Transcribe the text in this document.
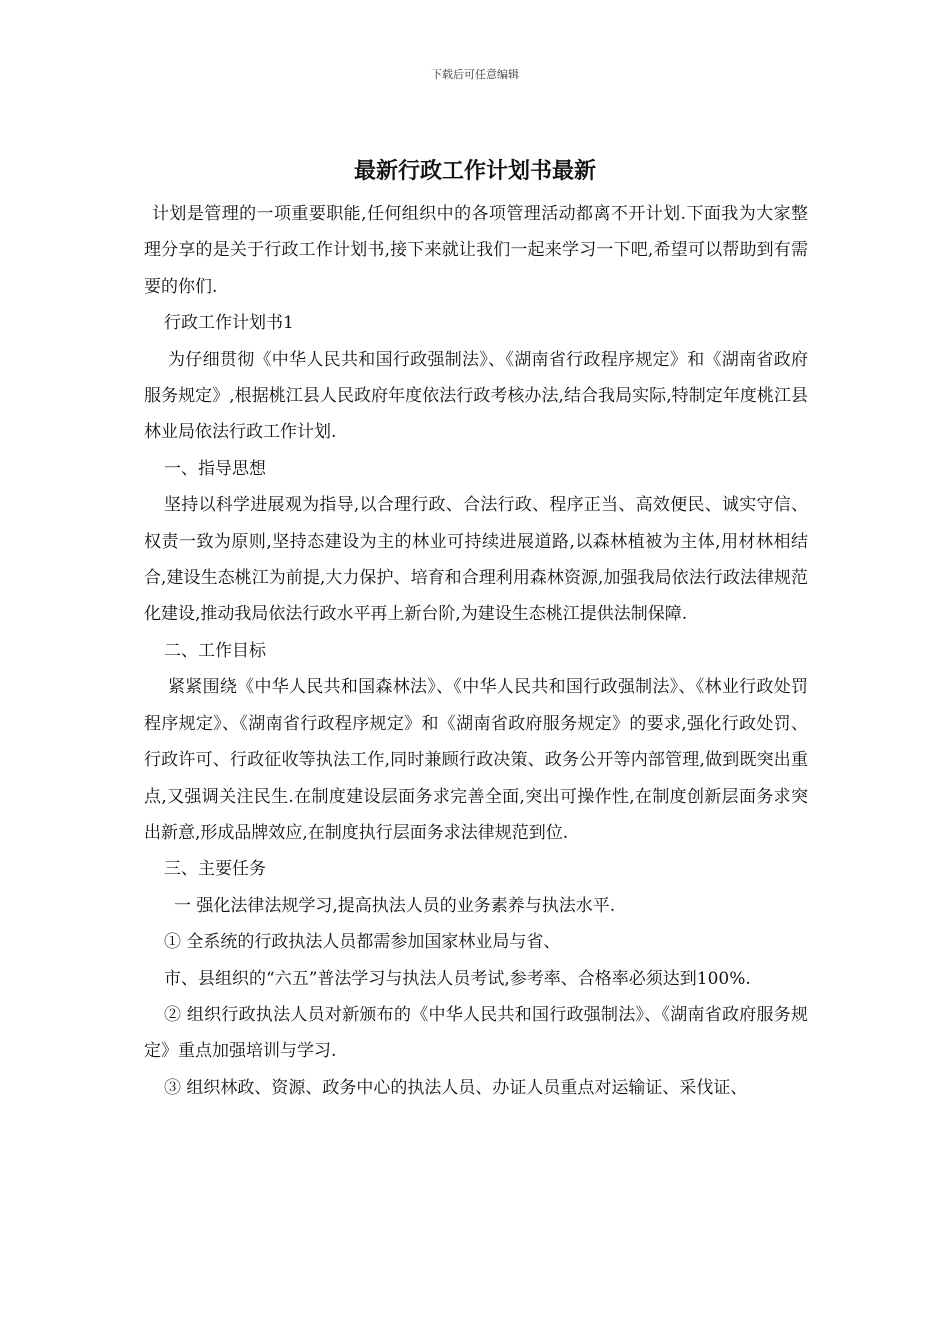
下载后可任意编辑
最新行政工作计划书最新

计划是管理的一项重要职能,任何组织中的各项管理活动都离不开计划.下面我为大家整理分享的是关于行政工作计划书,接下来就让我们一起来学习一下吧,希望可以帮助到有需要的你们.

行政工作计划书1

为仔细贯彻《中华人民共和国行政强制法》、《湖南省行政程序规定》和《湖南省政府服务规定》,根据桃江县人民政府年度依法行政考核办法,结合我局实际,特制定年度桃江县林业局依法行政工作计划.

一、指导思想

坚持以科学进展观为指导,以合理行政、合法行政、程序正当、高效便民、诚实守信、权责一致为原则,坚持态建设为主的林业可持续进展道路,以森林植被为主体,用材林相结合,建设生态桃江为前提,大力保护、培育和合理利用森林资源,加强我局依法行政法律规范化建设,推动我局依法行政水平再上新台阶,为建设生态桃江提供法制保障.

二、工作目标

紧紧围绕《中华人民共和国森林法》、《中华人民共和国行政强制法》、《林业行政处罚程序规定》、《湖南省行政程序规定》和《湖南省政府服务规定》的要求,强化行政处罚、行政许可、行政征收等执法工作,同时兼顾行政决策、政务公开等内部管理,做到既突出重点,又强调关注民生.在制度建设层面务求完善全面,突出可操作性,在制度创新层面务求突出新意,形成品牌效应,在制度执行层面务求法律规范到位.

三、主要任务

一 强化法律法规学习,提高执法人员的业务素养与执法水平.

① 全系统的行政执法人员都需参加国家林业局与省、

市、县组织的“六五”普法学习与执法人员考试,参考率、合格率必须达到100%.

② 组织行政执法人员对新颁布的《中华人民共和国行政强制法》、《湖南省政府服务规定》重点加强培训与学习.

③ 组织林政、资源、政务中心的执法人员、办证人员重点对运输证、采伐证、
